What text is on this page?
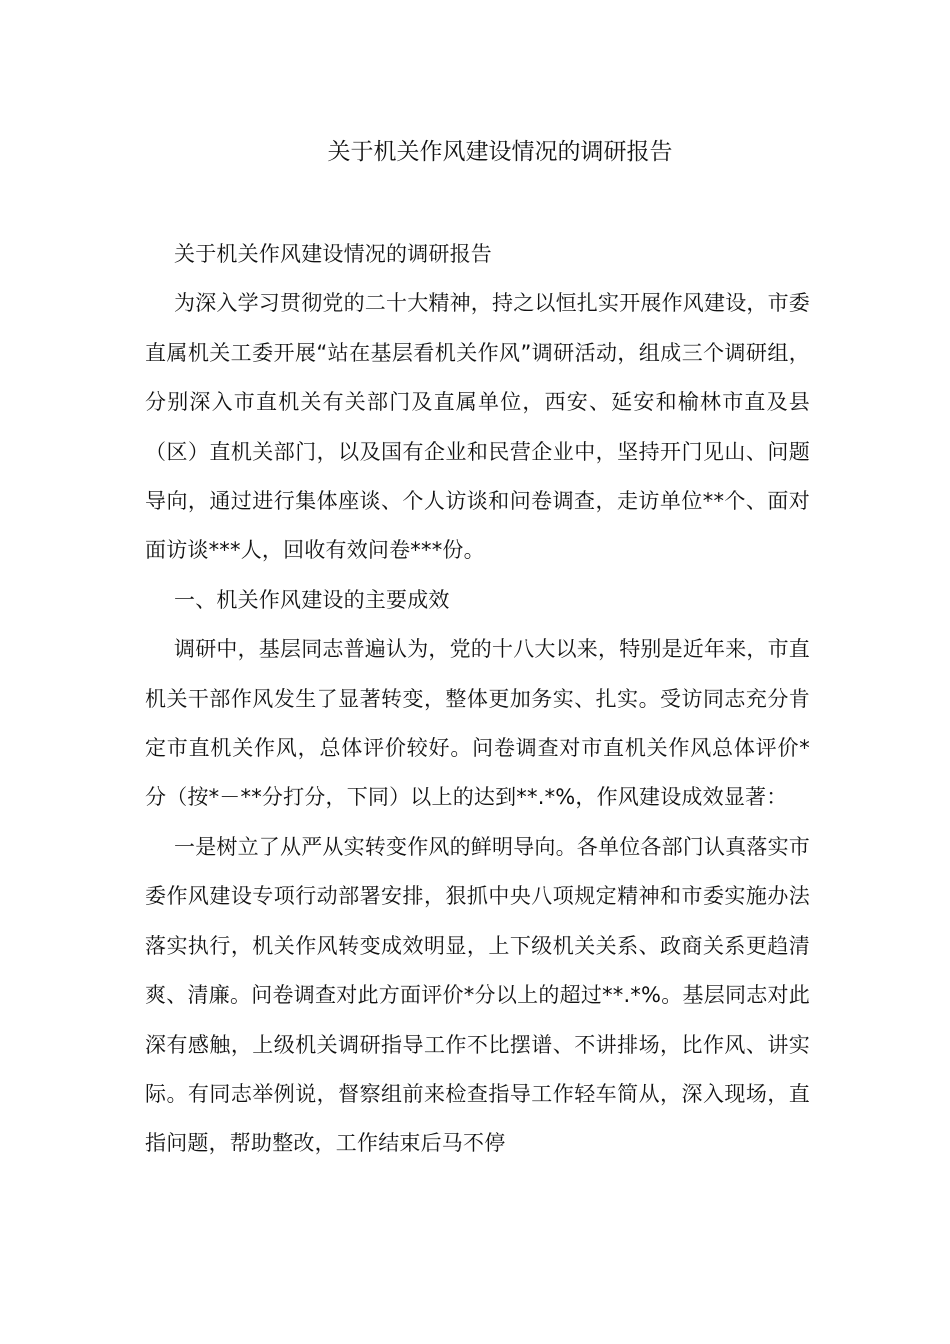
关于机关作风建设情况的调研报告

关于机关作风建设情况的调研报告

为深入学习贯彻党的二十大精神，持之以恒扎实开展作风建设，市委直属机关工委开展“站在基层看机关作风”调研活动，组成三个调研组，分别深入市直机关有关部门及直属单位，西安、延安和榆林市直及县（区）直机关部门，以及国有企业和民营企业中，坚持开门见山、问题导向，通过进行集体座谈、个人访谈和问卷调查，走访单位**个、面对面访谈***人，回收有效问卷***份。

一、机关作风建设的主要成效

调研中，基层同志普遍认为，党的十八大以来，特别是近年来，市直机关干部作风发生了显著转变，整体更加务实、扎实。受访同志充分肯定市直机关作风，总体评价较好。问卷调查对市直机关作风总体评价*分（按*－**分打分，下同）以上的达到**.*%，作风建设成效显著：

一是树立了从严从实转变作风的鲜明导向。各单位各部门认真落实市委作风建设专项行动部署安排，狠抓中央八项规定精神和市委实施办法落实执行，机关作风转变成效明显，上下级机关关系、政商关系更趋清爽、清廉。问卷调查对此方面评价*分以上的超过**.*%。基层同志对此深有感触，上级机关调研指导工作不比摆谱、不讲排场，比作风、讲实际。有同志举例说，督察组前来检查指导工作轻车简从，深入现场，直指问题，帮助整改，工作结束后马不停
